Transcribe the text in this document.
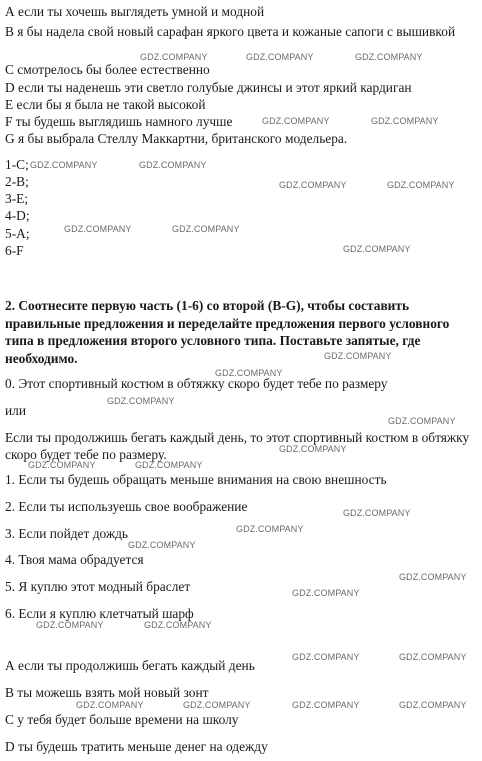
А если ты хочешь выглядеть умной и модной
B я бы надела свой новый сарафан яркого цвета и кожаные сапоги с вышивкой
С смотрелось бы более естественно
D если ты наденешь эти светло голубые джинсы и этот яркий кардиган
Е если бы я была не такой высокой
F ты будешь выглядишь намного лучше
G я бы выбрала Стеллу Маккартни, британского модельера.
1-C;
2-B;
3-E;
4-D;
5-A;
6-F
2. Соотнесите первую часть (1-6) со второй (B-G), чтобы составить правильные предложения и переделайте предложения первого условного типа в предложения второго условного типа. Поставьте запятые, где необходимо.
0. Этот спортивный костюм в обтяжку скоро будет тебе по размеру
или
Если ты продолжишь бегать каждый день, то этот спортивный костюм в обтяжку скоро будет тебе по размеру.
1. Если ты будешь обращать меньше внимания на свою внешность
2. Если ты используешь свое воображение
3. Если пойдет дождь
4. Твоя мама обрадуется
5. Я куплю этот модный браслет
6. Если я куплю клетчатый шарф
А если ты продолжишь бегать каждый день
В ты можешь взять мой новый зонт
С у тебя будет больше времени на школу
D ты будешь тратить меньше денег на одежду
GDZ.COMPANY	GDZ.COMPANY	GDZ.COMPANY
GDZ.COMPANY	GDZ.COMPANY
GDZ.COMPANY	GDZ.COMPANY
GDZ.COMPANY	GDZ.COMPANY
GDZ.COMPANY	GDZ.COMPANY
GDZ.COMPANY
GDZ.COMPANY
GDZ.COMPANY
GDZ.COMPANY
GDZ.COMPANY
GDZ.COMPANY
GDZ.COMPANY	GDZ.COMPANY
GDZ.COMPANY
GDZ.COMPANY
GDZ.COMPANY
GDZ.COMPANY
GDZ.COMPANY
GDZ.COMPANY	GDZ.COMPANY
GDZ.COMPANY	GDZ.COMPANY
GDZ.COMPANY	GDZ.COMPANY	GDZ.COMPANY	GDZ.COMPANY
